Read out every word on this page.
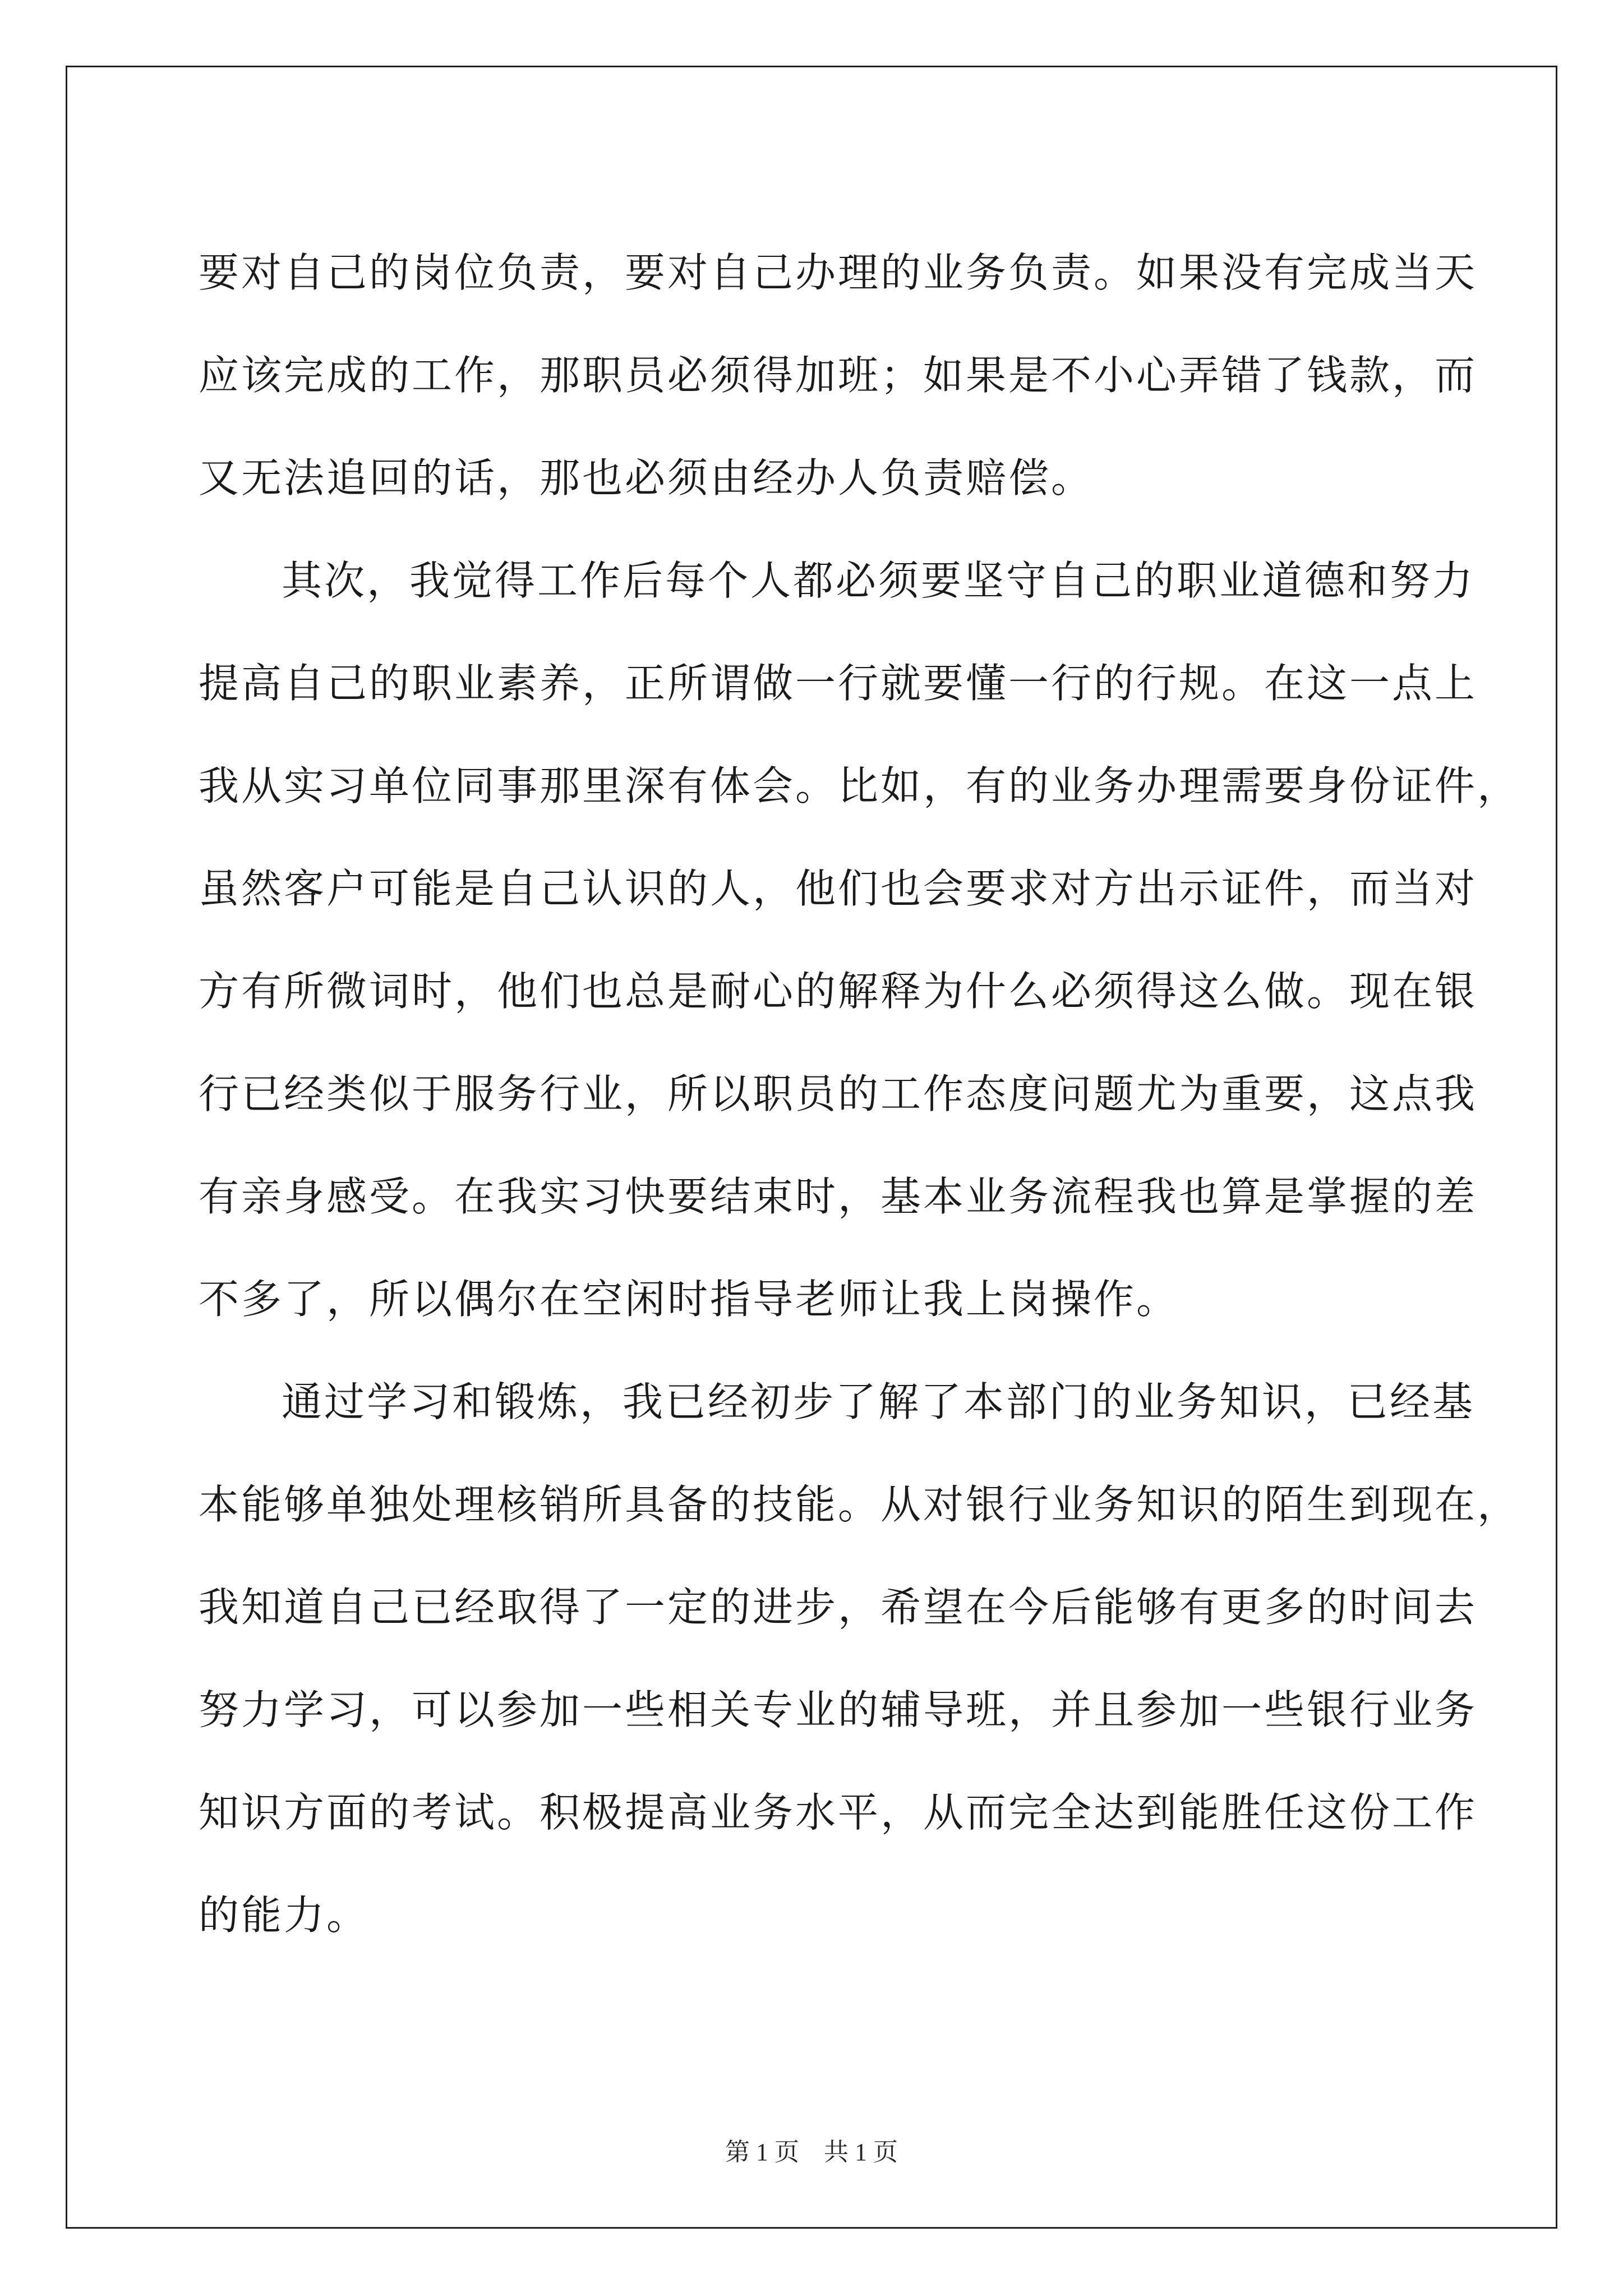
要对自己的岗位负责，要对自己办理的业务负责。如果没有完成当天
应该完成的工作，那职员必须得加班；如果是不小心弄错了钱款，而
又无法追回的话，那也必须由经办人负责赔偿。
其次，我觉得工作后每个人都必须要坚守自己的职业道德和努力
提高自己的职业素养，正所谓做一行就要懂一行的行规。在这一点上
我从实习单位同事那里深有体会。比如，有的业务办理需要身份证件，
虽然客户可能是自己认识的人，他们也会要求对方出示证件，而当对
方有所微词时，他们也总是耐心的解释为什么必须得这么做。现在银
行已经类似于服务行业，所以职员的工作态度问题尤为重要，这点我
有亲身感受。在我实习快要结束时，基本业务流程我也算是掌握的差
不多了，所以偶尔在空闲时指导老师让我上岗操作。
通过学习和锻炼，我已经初步了解了本部门的业务知识，已经基
本能够单独处理核销所具备的技能。从对银行业务知识的陌生到现在，
我知道自己已经取得了一定的进步，希望在今后能够有更多的时间去
努力学习，可以参加一些相关专业的辅导班，并且参加一些银行业务
知识方面的考试。积极提高业务水平，从而完全达到能胜任这份工作
的能力。
第 1 页    共 1 页
